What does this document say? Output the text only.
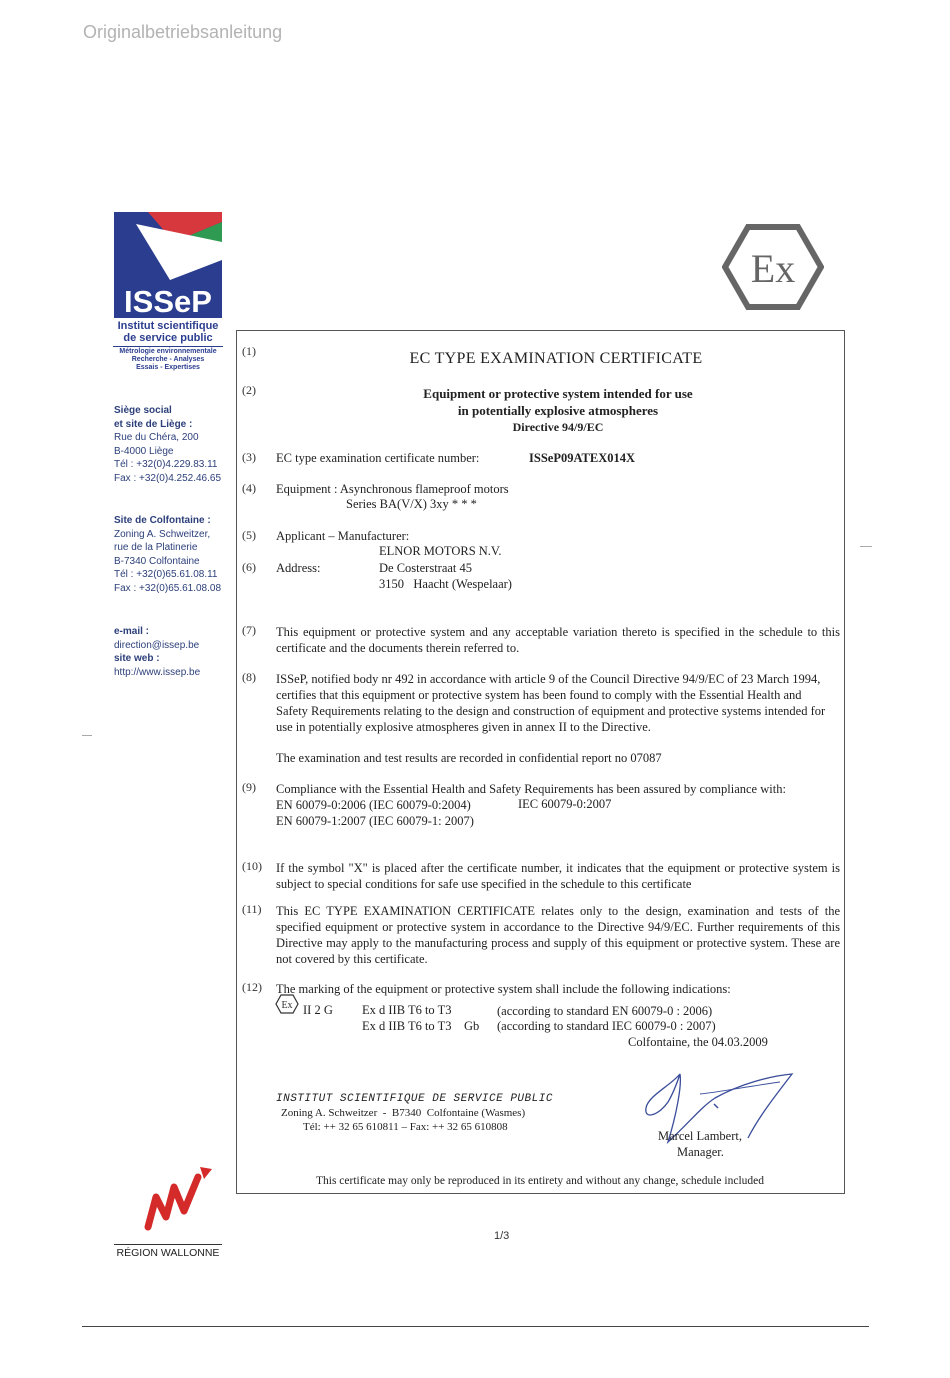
Originalbetriebsanleitung
ISSeP
Institut scientifique
de service public
Métrologie environnementale
Recherche - Analyses
Essais - Expertises
Siège social
et site de Liège :
Rue du Chéra, 200
B-4000 Liège
Tél : +32(0)4.229.83.11
Fax : +32(0)4.252.46.65
Site de Colfontaine :
Zoning A. Schweitzer,
rue de la Platinerie
B-7340 Colfontaine
Tél : +32(0)65.61.08.11
Fax : +32(0)65.61.08.08
e-mail :
direction@issep.be
site web :
http://www.issep.be
Ex
(1)	EC TYPE EXAMINATION CERTIFICATE
(2)	Equipment or protective system intended for use
in potentially explosive atmospheres
Directive 94/9/EC
(3) EC type examination certificate number:	ISSeP09ATEX014X
(4) Equipment : Asynchronous flameproof motors
Series BA(V/X) 3xy * * *
(5) Applicant – Manufacturer:
ELNOR MOTORS N.V.
(6) Address:	De Costerstraat 45
3150   Haacht (Wespelaar)
(7) This equipment or protective system and any acceptable variation thereto is specified in the schedule to this certificate and the documents therein referred to.
(8) ISSeP, notified body nr 492 in accordance with article 9 of the Council Directive 94/9/EC of 23 March 1994, certifies that this equipment or protective system has been found to comply with the Essential Health and Safety Requirements relating to the design and construction of equipment and protective systems intended for use in potentially explosive atmospheres given in annex II to the Directive.
The examination and test results are recorded in confidential report no 07087
(9) Compliance with the Essential Health and Safety Requirements has been assured by compliance with:
EN 60079-0:2006 (IEC 60079-0:2004)	IEC 60079-0:2007
EN 60079-1:2007 (IEC 60079-1: 2007)
(10) If the symbol "X" is placed after the certificate number, it indicates that the equipment or protective system is subject to special conditions for safe use specified in the schedule to this certificate
(11) This EC TYPE EXAMINATION CERTIFICATE relates only to the design, examination and tests of the specified equipment or protective system in accordance to the Directive 94/9/EC. Further requirements of this Directive may apply to the manufacturing process and supply of this equipment or protective system. These are not covered by this certificate.
(12) The marking of the equipment or protective system shall include the following indications:
Ex II 2 G Ex d IIB T6 to T3	(according to standard EN 60079-0 : 2006)
Ex d IIB T6 to T3    Gb (according to standard IEC 60079-0 : 2007)
Colfontaine, the 04.03.2009
INSTITUT SCIENTIFIQUE DE SERVICE PUBLIC
Zoning A. Schweitzer  -  B7340  Colfontaine (Wasmes)
Tél: ++ 32 65 610811 – Fax: ++ 32 65 610808
Marcel Lambert,
Manager.
This certificate may only be reproduced in its entirety and without any change, schedule included
RÉGION WALLONNE
1/3
